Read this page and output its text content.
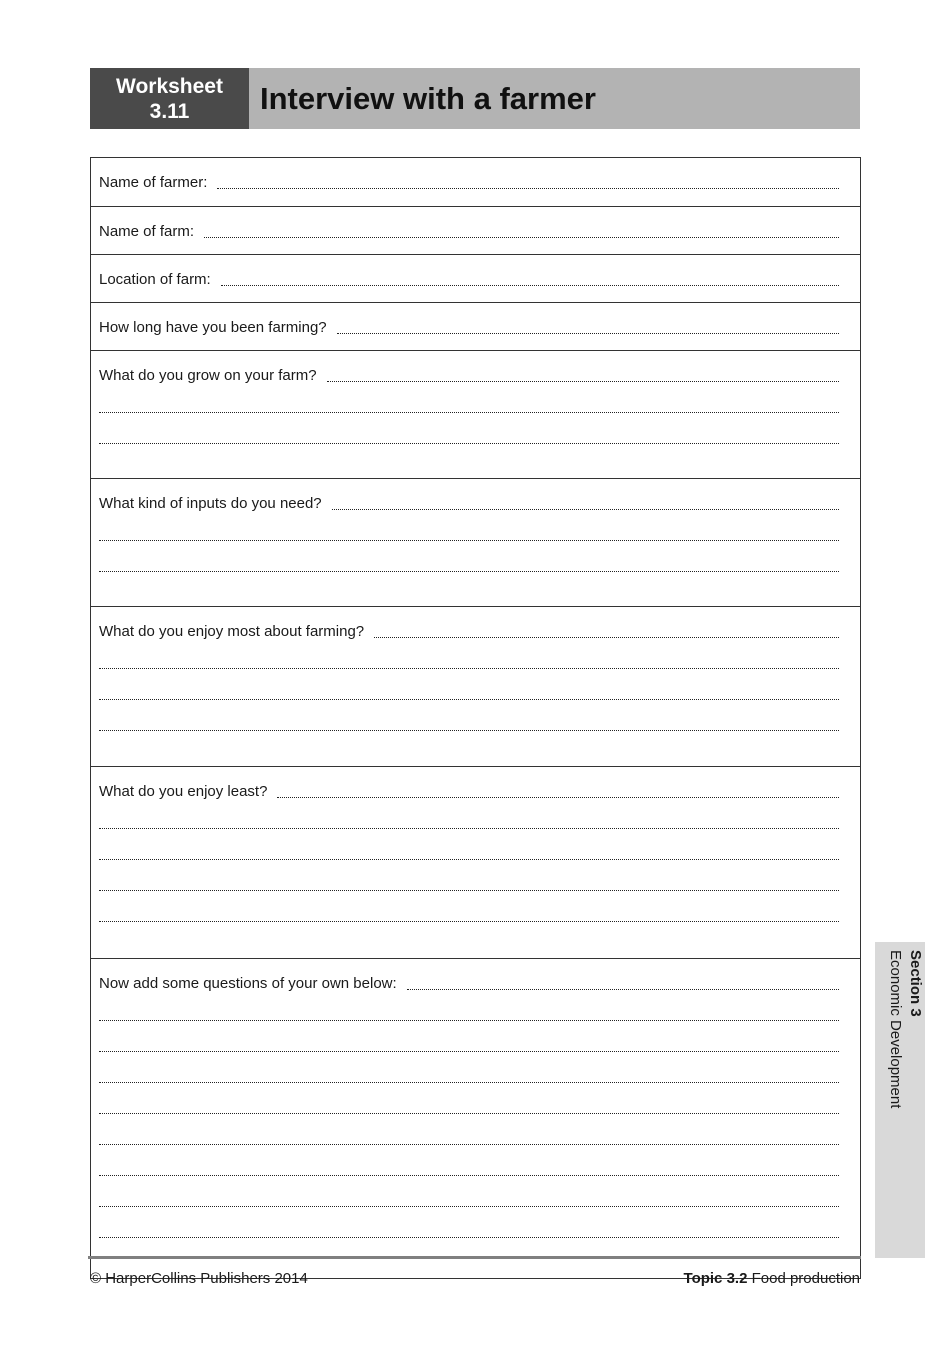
Worksheet
3.11	Interview with a farmer
Name of farmer:
Name of farm:
Location of farm:
How long have you been farming?
What do you grow on your farm?
What kind of inputs do you need?
What do you enjoy most about farming?
What do you enjoy least?
Now add some questions of your own below:	Section 3
Economic Development
© HarperCollins Publishers 2014	Topic 3.2 Food production
